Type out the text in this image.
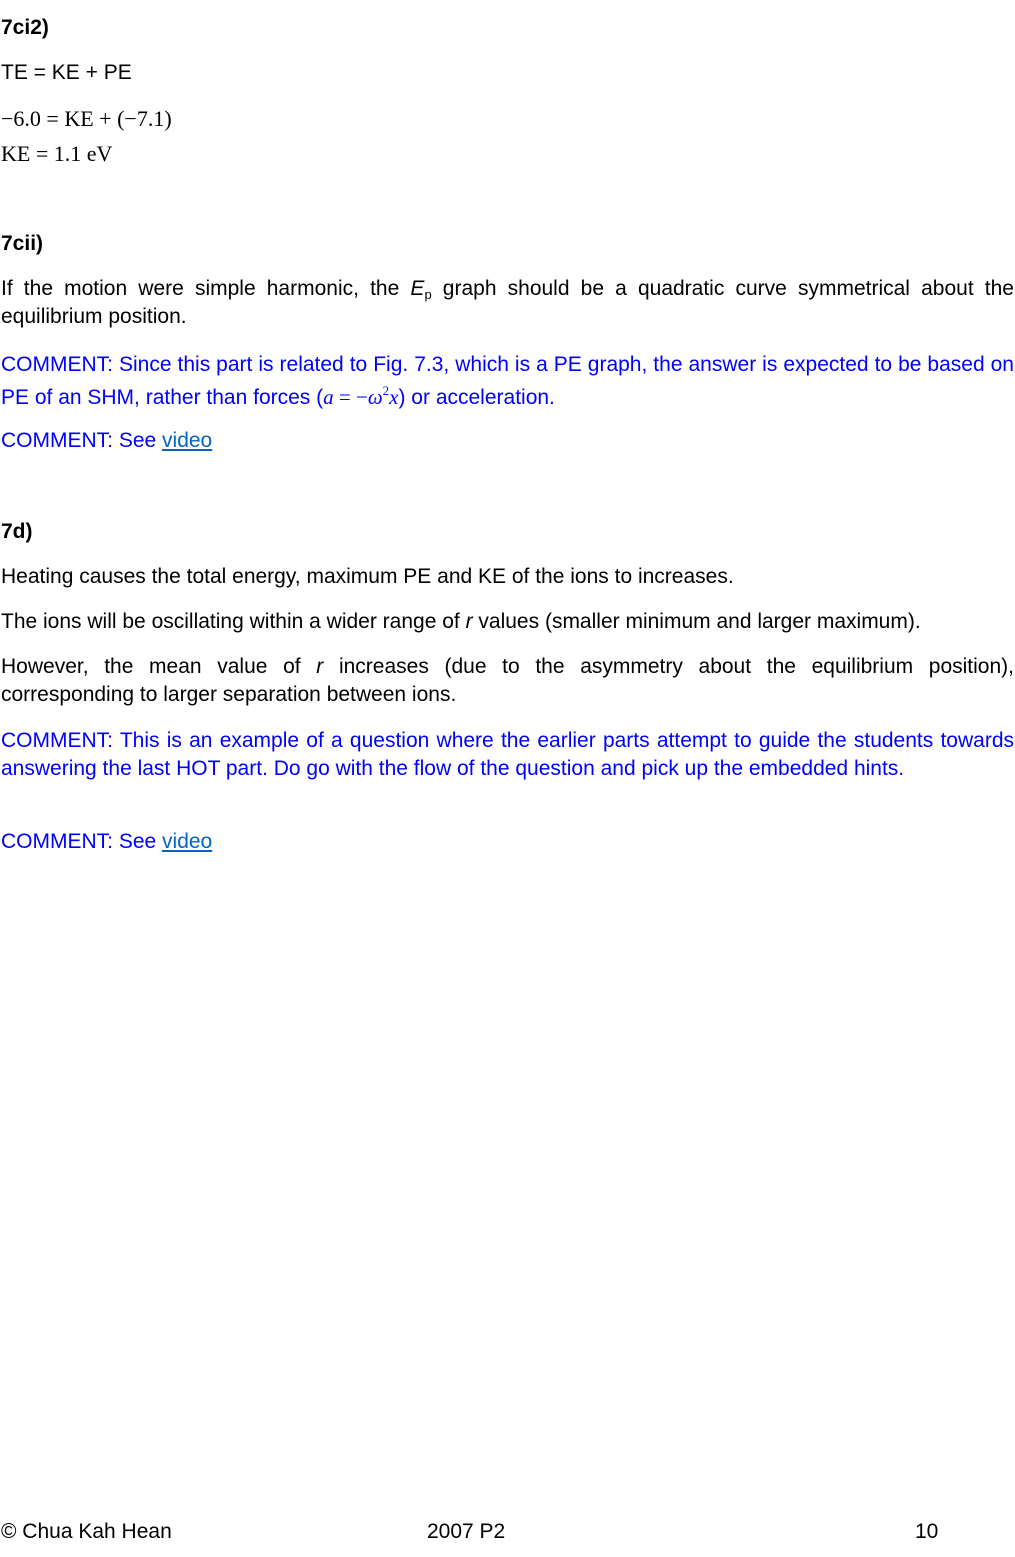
7ci2)
TE = KE + PE
−6.0 = KE + (−7.1)
KE = 1.1 eV
7cii)
If the motion were simple harmonic, the $E_p$ graph should be a quadratic curve symmetrical about the equilibrium position.
COMMENT: Since this part is related to Fig. 7.3, which is a PE graph, the answer is expected to be based on PE of an SHM, rather than forces $(a = -\omega^2x)$ or acceleration.
COMMENT: See video
7d)
Heating causes the total energy, maximum PE and KE of the ions to increases.
The ions will be oscillating within a wider range of r values (smaller minimum and larger maximum).
However, the mean value of r increases (due to the asymmetry about the equilibrium position), corresponding to larger separation between ions.
COMMENT: This is an example of a question where the earlier parts attempt to guide the students towards answering the last HOT part. Do go with the flow of the question and pick up the embedded hints.
COMMENT: See video
© Chua Kah Hean	2007 P2	10
